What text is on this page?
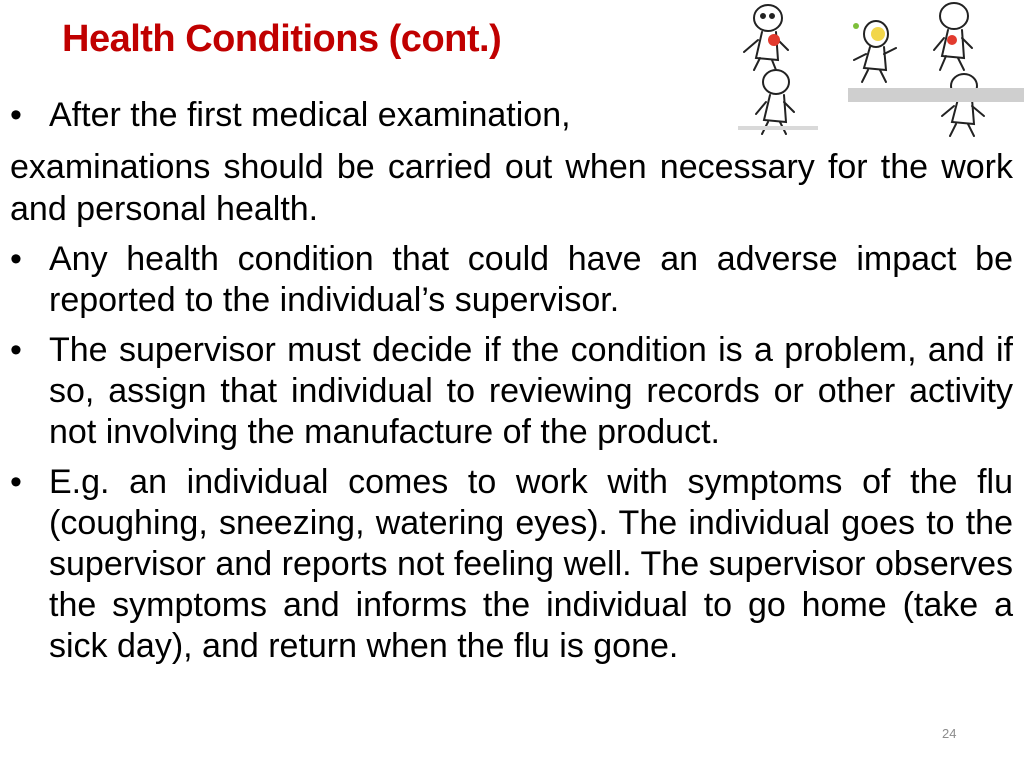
Health Conditions (cont.)
• After the first medical examination,
examinations should be carried out when necessary for the work and personal health.
• Any health condition that could have an adverse impact be reported to the individual’s supervisor.
• The supervisor must decide if the condition is a problem, and if so, assign that individual to reviewing records or other activity not involving the manufacture of the product.
• E.g. an individual comes to work with symptoms of the flu (coughing, sneezing, watering eyes). The individual goes to the supervisor and reports not feeling well. The supervisor observes the symptoms and informs the individual to go home (take a sick day), and return when the flu is gone.
24
